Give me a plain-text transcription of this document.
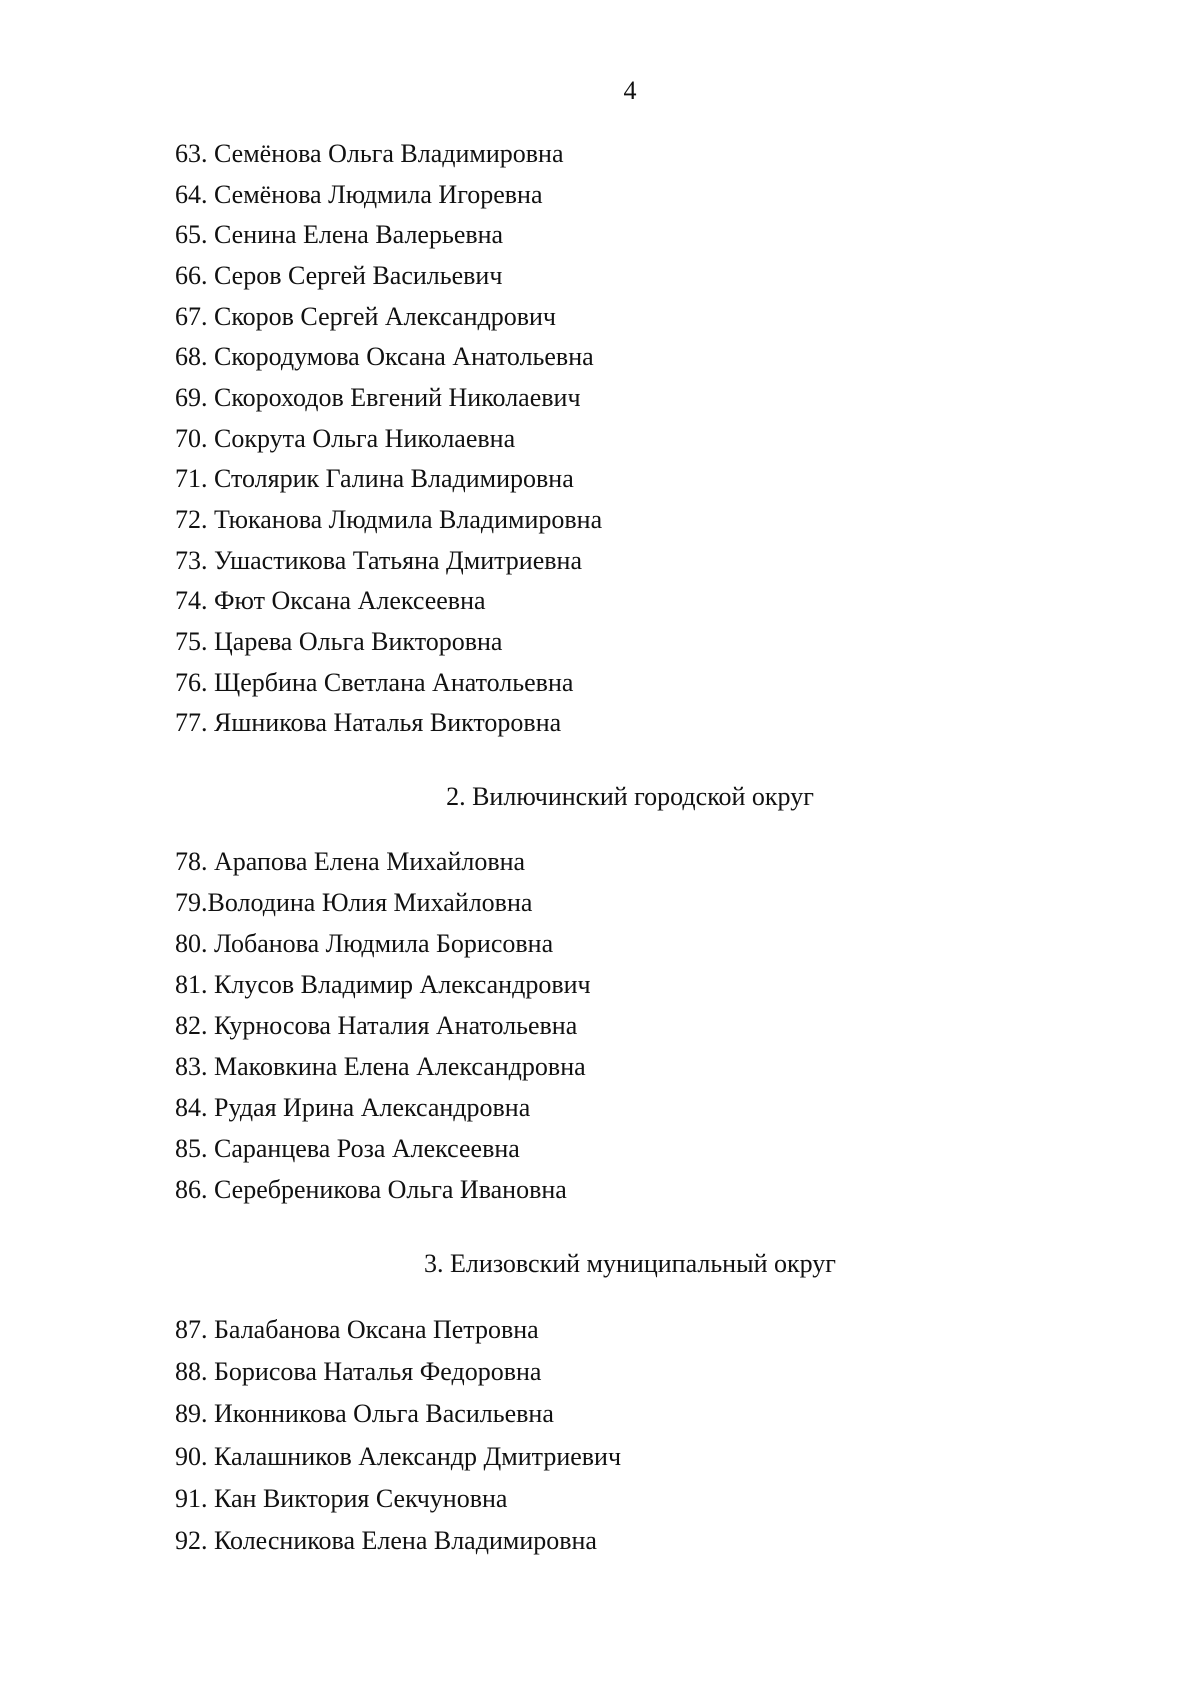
4
63. Семёнова Ольга Владимировна
64. Семёнова Людмила Игоревна
65. Сенина Елена Валерьевна
66. Серов Сергей Васильевич
67. Скоров Сергей Александрович
68. Скородумова Оксана Анатольевна
69. Скороходов Евгений Николаевич
70. Сокрута Ольга Николаевна
71. Столярик Галина Владимировна
72. Тюканова Людмила Владимировна
73. Ушастикова Татьяна Дмитриевна
74. Фют Оксана Алексеевна
75. Царева Ольга Викторовна
76. Щербина Светлана Анатольевна
77. Яшникова Наталья Викторовна
2. Вилючинский городской округ
78. Арапова Елена Михайловна
79.Володина Юлия Михайловна
80. Лобанова Людмила Борисовна
81. Клусов Владимир Александрович
82. Курносова Наталия Анатольевна
83. Маковкина Елена Александровна
84. Рудая Ирина Александровна
85. Саранцева Роза Алексеевна
86. Серебреникова Ольга Ивановна
3. Елизовский муниципальный округ
87. Балабанова Оксана Петровна
88. Борисова Наталья Федоровна
89. Иконникова Ольга Васильевна
90. Калашников Александр Дмитриевич
91. Кан Виктория Секчуновна
92. Колесникова Елена Владимировна
